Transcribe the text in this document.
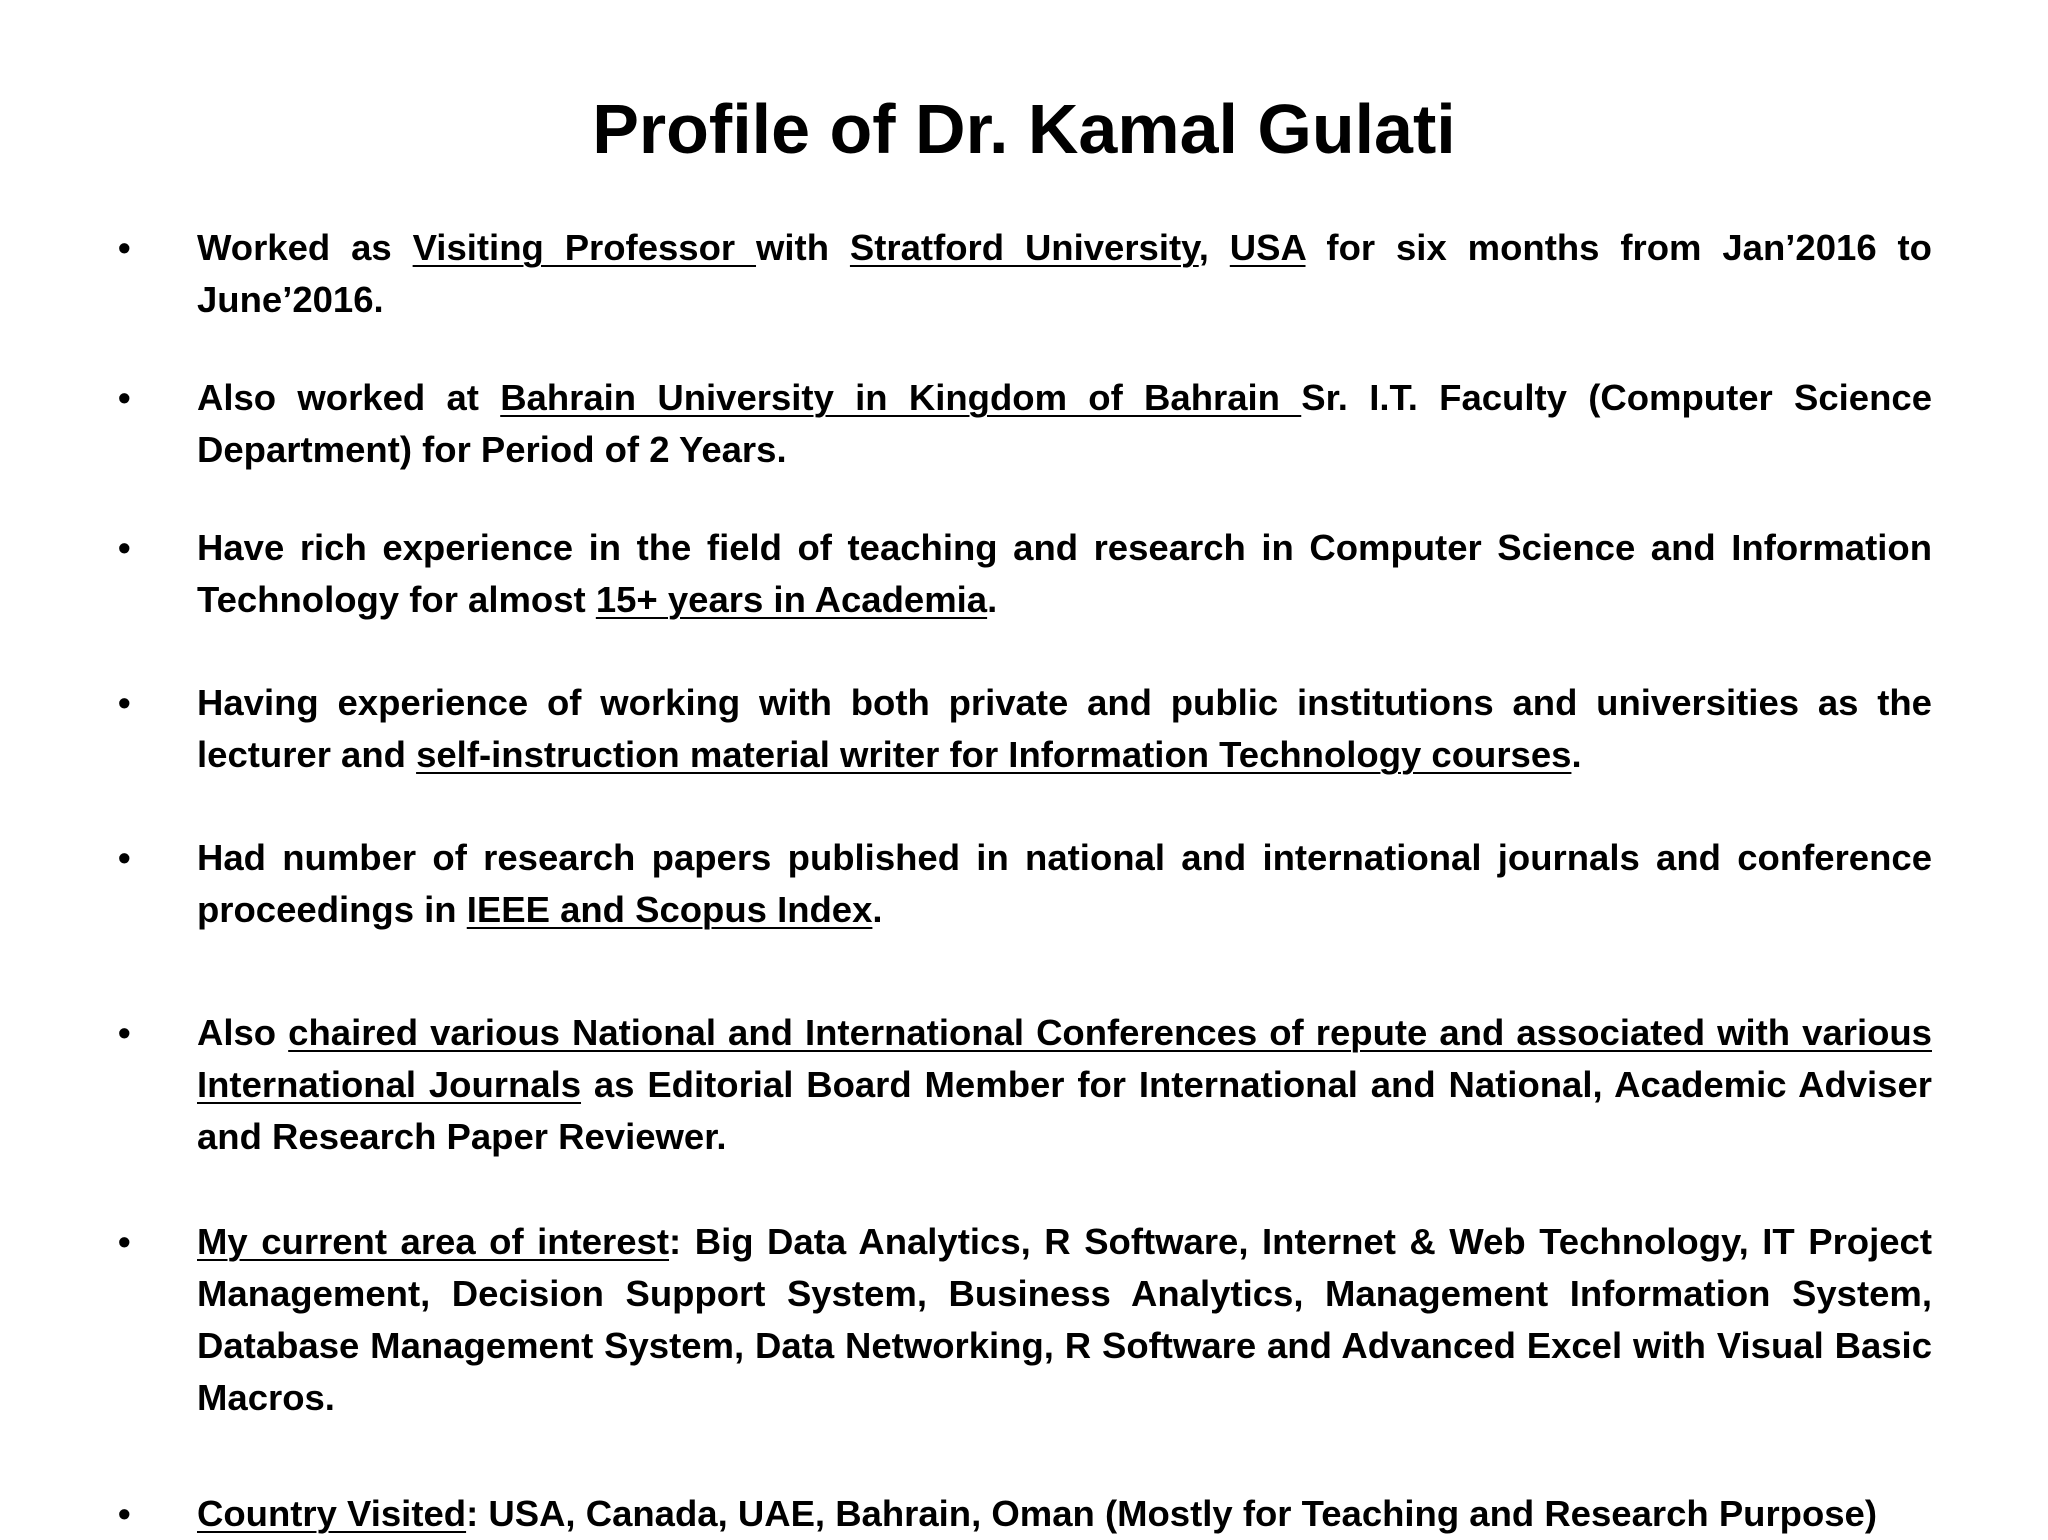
Profile of Dr. Kamal Gulati
• Worked as Visiting Professor with Stratford University, USA for six months from Jan’2016 to June’2016.
• Also worked at Bahrain University in Kingdom of Bahrain Sr. I.T. Faculty (Computer Science Department) for Period of 2 Years.
• Have rich experience in the field of teaching and research in Computer Science and Information Technology for almost 15+ years in Academia.
• Having experience of working with both private and public institutions and universities as the lecturer and self-instruction material writer for Information Technology courses.
• Had number of research papers published in national and international journals and conference proceedings in IEEE and Scopus Index.
• Also chaired various National and International Conferences of repute and associated with various International Journals as Editorial Board Member for International and National, Academic Adviser and Research Paper Reviewer.
• My current area of interest: Big Data Analytics, R Software, Internet & Web Technology, IT Project Management, Decision Support System, Business Analytics, Management Information System, Database Management System, Data Networking, R Software and Advanced Excel with Visual Basic Macros.
• Country Visited: USA, Canada, UAE, Bahrain, Oman (Mostly for Teaching and Research Purpose)
